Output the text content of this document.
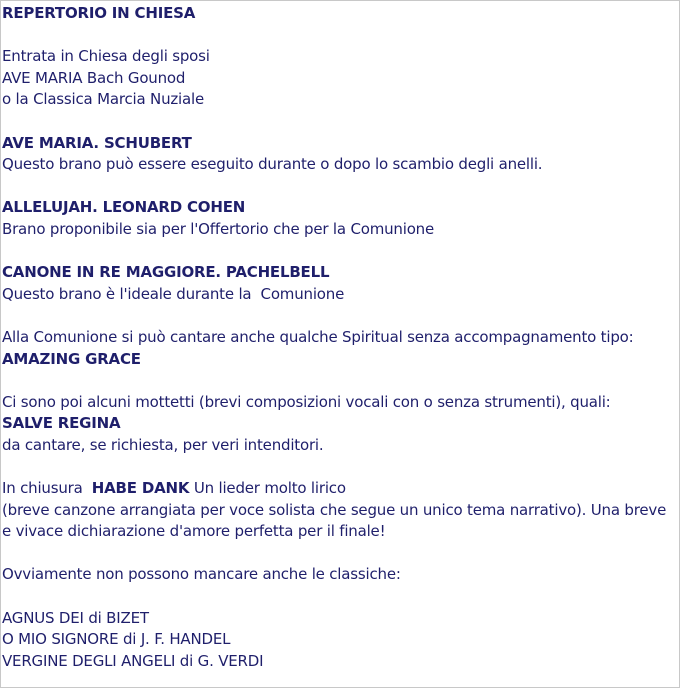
REPERTORIO IN CHIESA
Entrata in Chiesa degli sposi
AVE MARIA Bach Gounod
o la Classica Marcia Nuziale
AVE MARIA. SCHUBERT
Questo brano può essere eseguito durante o dopo lo scambio degli anelli.
ALLELUJAH. LEONARD COHEN
Brano proponibile sia per l'Offertorio che per la Comunione
CANONE IN RE MAGGIORE. PACHELBELL
Questo brano è l'ideale durante la  Comunione
Alla Comunione si può cantare anche qualche Spiritual senza accompagnamento tipo:
AMAZING GRACE
Ci sono poi alcuni mottetti (brevi composizioni vocali con o senza strumenti), quali:
SALVE REGINA
da cantare, se richiesta, per veri intenditori.
In chiusura  HABE DANK Un lieder molto lirico
(breve canzone arrangiata per voce solista che segue un unico tema narrativo). Una breve e vivace dichiarazione d'amore perfetta per il finale!
Ovviamente non possono mancare anche le classiche:
AGNUS DEI di BIZET
O MIO SIGNORE di J. F. HANDEL
VERGINE DEGLI ANGELI di G. VERDI
